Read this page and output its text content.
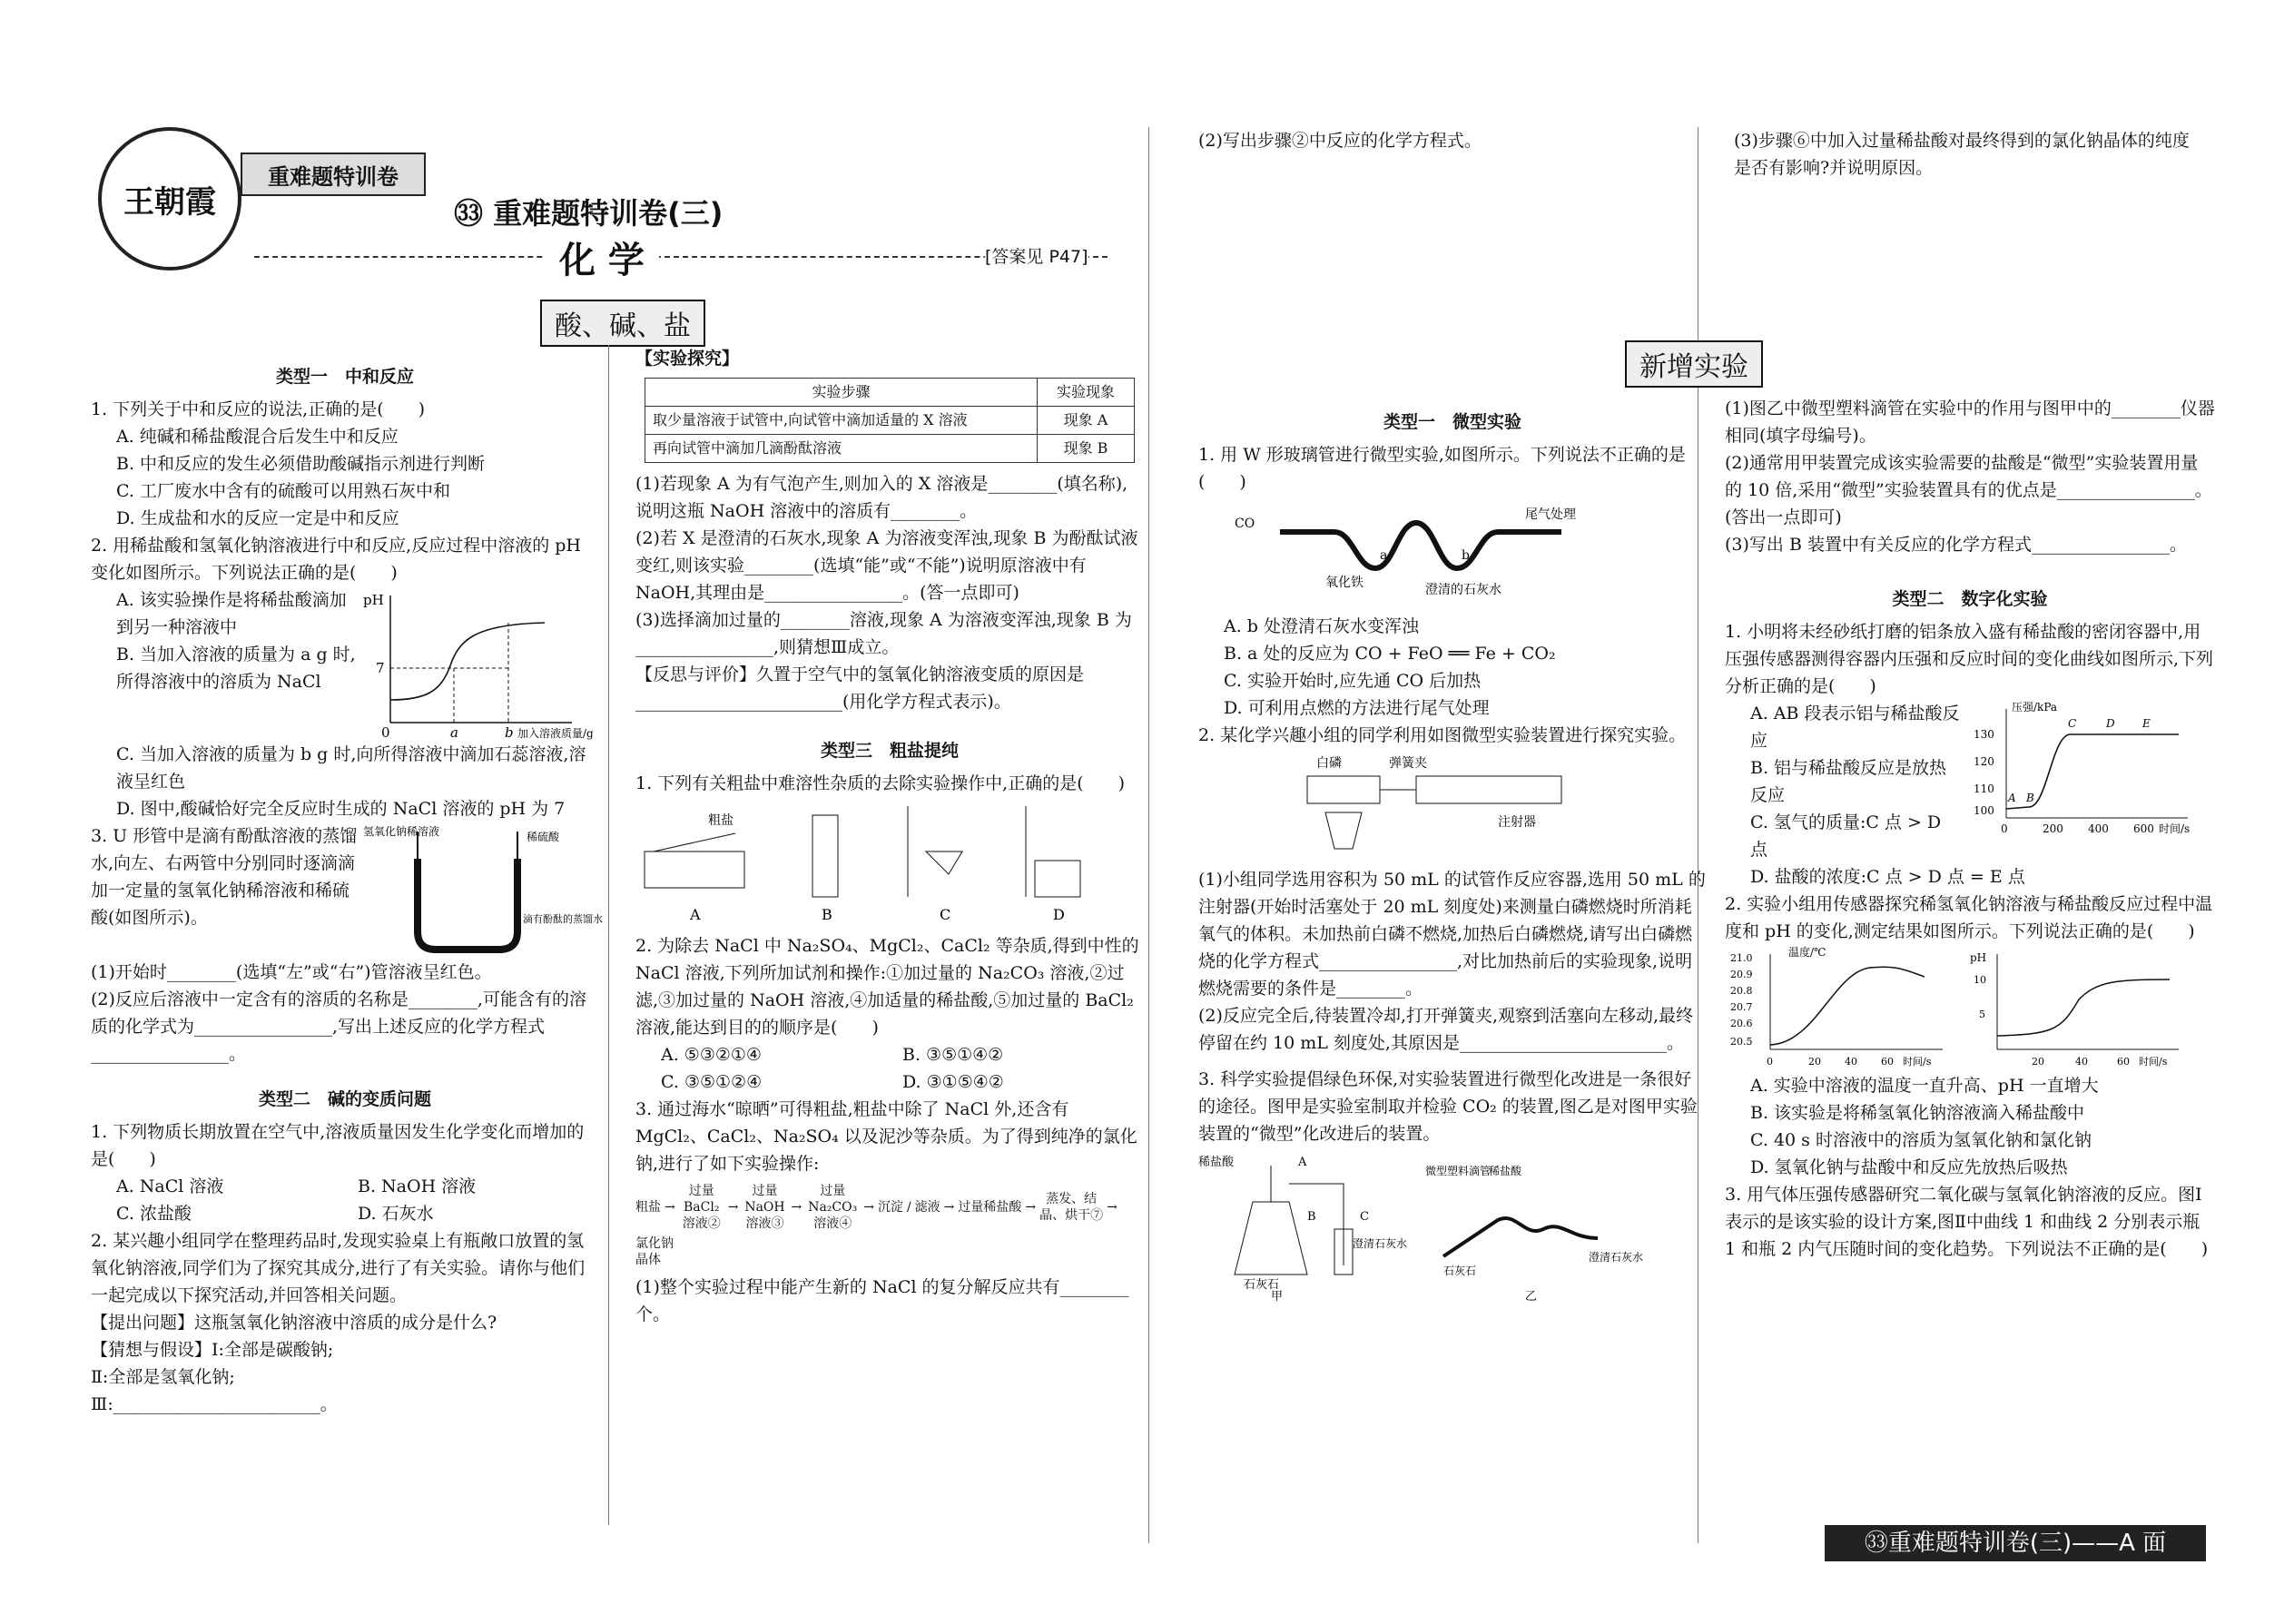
王朝霞
重难题特训卷
㉝ 重难题特训卷(三)
化 学	[答案见 P47]
酸、碱、盐
类型一　中和反应

1. 下列关于中和反应的说法,正确的是(　　)

A. 纯碱和稀盐酸混合后发生中和反应

B. 中和反应的发生必须借助酸碱指示剂进行判断

C. 工厂废水中含有的硫酸可以用熟石灰中和

D. 生成盐和水的反应一定是中和反应

2. 用稀盐酸和氢氧化钠溶液进行中和反应,反应过程中溶液的 pH 变化如图所示。下列说法正确的是(　　)

A. 该实验操作是将稀盐酸滴加到另一种溶液中

B. 当加入溶液的质量为 a g 时,所得溶液中的溶质为 NaCl

pH
7
0	a	b 加入溶液质量/g

C. 当加入溶液的质量为 b g 时,向所得溶液中滴加石蕊溶液,溶液呈红色

D. 图中,酸碱恰好完全反应时生成的 NaCl 溶液的 pH 为 7

3. U 形管中是滴有酚酞溶液的蒸馏水,向左、右两管中分别同时逐滴滴加一定量的氢氧化钠稀溶液和稀硫酸(如图所示)。

氢氧化钠稀溶液	稀硫酸
滴有酚酞的蒸馏水

(1)开始时________(选填“左”或“右”)管溶液呈红色。

(2)反应后溶液中一定含有的溶质的名称是________,可能含有的溶质的化学式为________________,写出上述反应的化学方程式________________。

类型二　碱的变质问题

1. 下列物质长期放置在空气中,溶液质量因发生化学变化而增加的是(　　)

A. NaCl 溶液	B. NaOH 溶液
C. 浓盐酸	D. 石灰水

2. 某兴趣小组同学在整理药品时,发现实验桌上有瓶敞口放置的氢氧化钠溶液,同学们为了探究其成分,进行了有关实验。请你与他们一起完成以下探究活动,并回答相关问题。

【提出问题】这瓶氢氧化钠溶液中溶质的成分是什么?

【猜想与假设】Ⅰ:全部是碳酸钠;

Ⅱ:全部是氢氧化钠;

Ⅲ:________________________。

【实验探究】

实验步骤	实验现象
取少量溶液于试管中,向试管中滴加适量的 X 溶液	现象 A
再向试管中滴加几滴酚酞溶液	现象 B

(1)若现象 A 为有气泡产生,则加入的 X 溶液是________(填名称),说明这瓶 NaOH 溶液中的溶质有________。

(2)若 X 是澄清的石灰水,现象 A 为溶液变浑浊,现象 B 为酚酞试液变红,则该实验________(选填“能”或“不能”)说明原溶液中有 NaOH,其理由是________________。(答一点即可)

(3)选择滴加过量的________溶液,现象 A 为溶液变浑浊,现象 B 为________________,则猜想Ⅲ成立。

【反思与评价】久置于空气中的氢氧化钠溶液变质的原因是________________________(用化学方程式表示)。

类型三　粗盐提纯

1. 下列有关粗盐中难溶性杂质的去除实验操作中,正确的是(　　)

粗盐
A	B	C	D

2. 为除去 NaCl 中 Na₂SO₄、MgCl₂、CaCl₂ 等杂质,得到中性的 NaCl 溶液,下列所加试剂和操作:①加过量的 Na₂CO₃ 溶液,②过滤,③加过量的 NaOH 溶液,④加适量的稀盐酸,⑤加过量的 BaCl₂ 溶液,能达到目的的顺序是(　　)

A. ⑤③②①④	B. ③⑤①④②
C. ③⑤①②④	D. ③①⑤④②

3. 通过海水“晾晒”可得粗盐,粗盐中除了 NaCl 外,还含有 MgCl₂、CaCl₂、Na₂SO₄ 以及泥沙等杂质。为了得到纯净的氯化钠,进行了如下实验操作:

粗盐 →
过量BaCl₂溶液②
→
过量NaOH溶液③
→
过量Na₂CO₃溶液④
→ 沉淀 / 滤液 → 过量稀盐酸 →
蒸发、结晶、烘干⑦
→
氯化钠晶体

(1)整个实验过程中能产生新的 NaCl 的复分解反应共有________个。

(2)写出步骤②中反应的化学方程式。

新增实验
类型一　微型实验

1. 用 W 形玻璃管进行微型实验,如图所示。下列说法不正确的是(　　)

CO
尾气处理
氧化铁	澄清的石灰水
a	b

A. b 处澄清石灰水变浑浊

B. a 处的反应为 CO + FeO ══ Fe + CO₂

C. 实验开始时,应先通 CO 后加热

D. 可利用点燃的方法进行尾气处理

2. 某化学兴趣小组的同学利用如图微型实验装置进行探究实验。

白磷	弹簧夹
注射器

(1)小组同学选用容积为 50 mL 的试管作反应容器,选用 50 mL 的注射器(开始时活塞处于 20 mL 刻度处)来测量白磷燃烧时所消耗氧气的体积。未加热前白磷不燃烧,加热后白磷燃烧,请写出白磷燃烧的化学方程式________________,对比加热前后的实验现象,说明燃烧需要的条件是________。

(2)反应完全后,待装置冷却,打开弹簧夹,观察到活塞向左移动,最终停留在约 10 mL 刻度处,其原因是________________________。

3. 科学实验提倡绿色环保,对实验装置进行微型化改进是一条很好的途径。图甲是实验室制取并检验 CO₂ 的装置,图乙是对图甲实验装置的“微型”化改进后的装置。

稀盐酸	A
B	C
石灰石
澄清石灰水
甲
微型塑料滴管
稀盐酸
石灰石
澄清石灰水
乙

(3)步骤⑥中加入过量稀盐酸对最终得到的氯化钠晶体的纯度是否有影响?并说明原因。

(1)图乙中微型塑料滴管在实验中的作用与图甲中的________仪器相同(填字母编号)。

(2)通常用甲装置完成该实验需要的盐酸是“微型”实验装置用量的 10 倍,采用“微型”实验装置具有的优点是________________。(答出一点即可)

(3)写出 B 装置中有关反应的化学方程式________________。

类型二　数字化实验

1. 小明将未经砂纸打磨的铝条放入盛有稀盐酸的密闭容器中,用压强传感器测得容器内压强和反应时间的变化曲线如图所示,下列分析正确的是(　　)

A. AB 段表示铝与稀盐酸反应

B. 铝与稀盐酸反应是放热反应

C. 氢气的质量:C 点 > D 点

压强/kPa
130
120
110
100
0	200 400 600 时间/s
A B
C	D	E

D. 盐酸的浓度:C 点 > D 点 = E 点

2. 实验小组用传感器探究稀氢氧化钠溶液与稀盐酸反应过程中温度和 pH 的变化,测定结果如图所示。下列说法正确的是(　　)

温度/℃
21.0
20.9
20.8
20.7
20.6
20.5
0	20 40 60 时间/s
pH
10
5
20	40	60 时间/s

A. 实验中溶液的温度一直升高、pH 一直增大

B. 该实验是将稀氢氧化钠溶液滴入稀盐酸中

C. 40 s 时溶液中的溶质为氢氧化钠和氯化钠

D. 氢氧化钠与盐酸中和反应先放热后吸热

3. 用气体压强传感器研究二氧化碳与氢氧化钠溶液的反应。图Ⅰ表示的是该实验的设计方案,图Ⅱ中曲线 1 和曲线 2 分别表示瓶 1 和瓶 2 内气压随时间的变化趋势。下列说法不正确的是(　　)

㉝重难题特训卷(三)——A 面
